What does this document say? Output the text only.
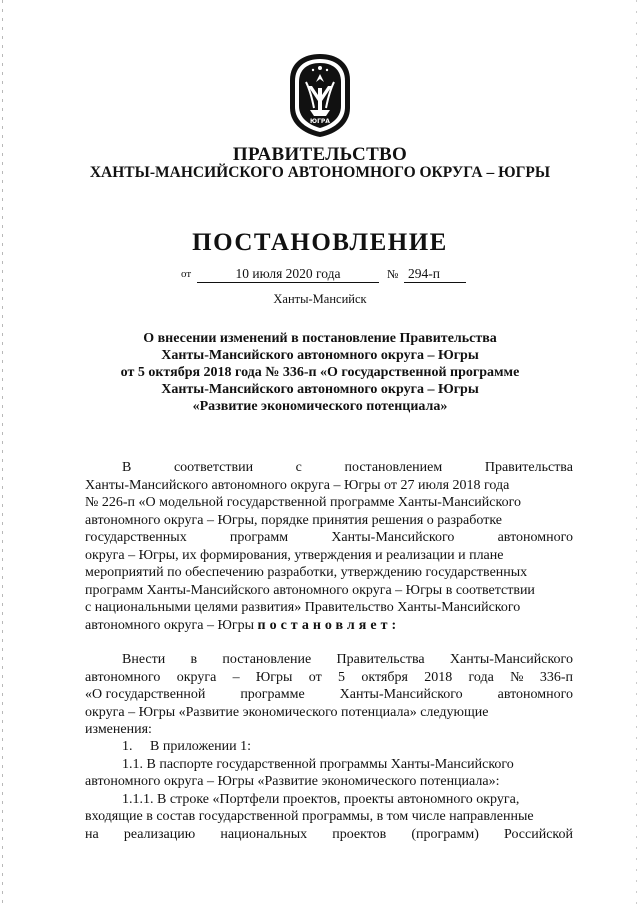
ЮГРА
ПРАВИТЕЛЬСТВО
ХАНТЫ-МАНСИЙСКОГО АВТОНОМНОГО ОКРУГА – ЮГРЫ
ПОСТАНОВЛЕНИЕ
от	10 июля 2020 года	№ 294-п
Ханты-Мансийск
О внесении изменений в постановление Правительства
Ханты-Мансийского автономного округа – Югры
от 5 октября 2018 года № 336-п «О государственной программе
Ханты-Мансийского автономного округа – Югры
«Развитие экономического потенциала»
В	соответствии	с	постановлением	Правительства
Ханты-Мансийского автономного округа – Югры от 27 июля 2018 года
№ 226-п «О модельной государственной программе Ханты-Мансийского
автономного округа – Югры, порядке принятия решения о разработке
государственных	программ	Ханты-Мансийского	автономного
округа – Югры, их формирования, утверждения и реализации и плане
мероприятий по обеспечению разработки, утверждению государственных
программ Ханты-Мансийского автономного округа – Югры в соответствии
с национальными целями развития» Правительство Ханты-Мансийского
автономного округа – Югры постановляет:
Внести в постановление Правительства Ханты-Мансийского
автономного округа – Югры от 5 октября 2018 года № 336-п
«О государственной программе Ханты-Мансийского автономного
округа – Югры «Развитие экономического потенциала» следующие
изменения:
1.     В приложении 1:
1.1. В паспорте государственной программы Ханты-Мансийского
автономного округа – Югры «Развитие экономического потенциала»:
1.1.1. В строке «Портфели проектов, проекты автономного округа,
входящие в состав государственной программы, в том числе направленные
на реализацию национальных проектов (программ) Российской
